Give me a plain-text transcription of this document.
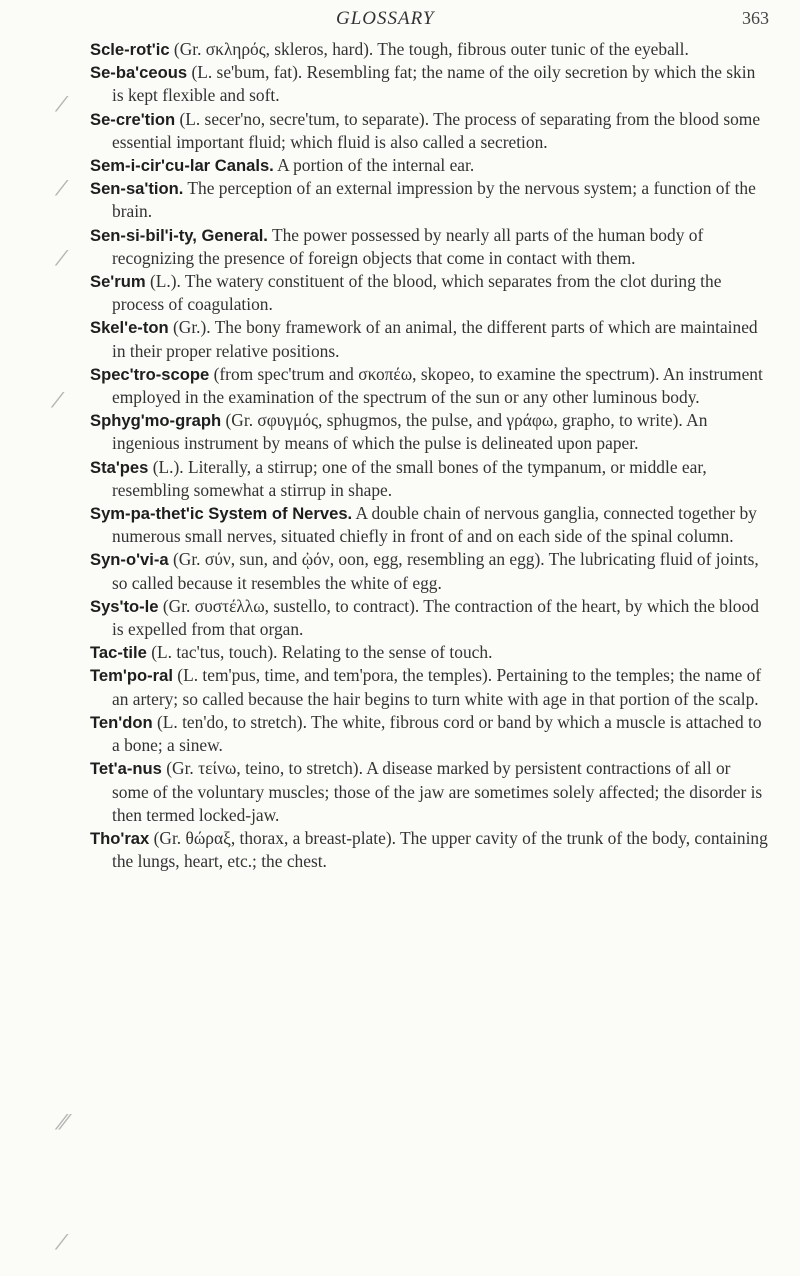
GLOSSARY	363
⁄
⁄
⁄
⁄
⁄⁄
⁄

Scle-rot'ic (Gr. σκληρός, skleros, hard). The tough, fibrous outer tunic of the eyeball.

Se-ba'ceous (L. se'bum, fat). Resembling fat; the name of the oily secretion by which the skin is kept flexible and soft.

Se-cre'tion (L. secer'no, secre'tum, to separate). The process of separating from the blood some essential important fluid; which fluid is also called a secretion.

Sem-i-cir'cu-lar Canals. A portion of the internal ear.

Sen-sa'tion. The perception of an external impression by the nervous system; a function of the brain.

Sen-si-bil'i-ty, General. The power possessed by nearly all parts of the human body of recognizing the presence of foreign objects that come in contact with them.

Se'rum (L.). The watery constituent of the blood, which separates from the clot during the process of coagulation.

Skel'e-ton (Gr.). The bony framework of an animal, the different parts of which are maintained in their proper relative positions.

Spec'tro-scope (from spec'trum and σκοπέω, skopeo, to examine the spectrum). An instrument employed in the examination of the spectrum of the sun or any other luminous body.

Sphyg'mo-graph (Gr. σφυγμός, sphugmos, the pulse, and γράφω, grapho, to write). An ingenious instrument by means of which the pulse is delineated upon paper.

Sta'pes (L.). Literally, a stirrup; one of the small bones of the tympanum, or middle ear, resembling somewhat a stirrup in shape.

Sym-pa-thet'ic System of Nerves. A double chain of nervous ganglia, connected together by numerous small nerves, situated chiefly in front of and on each side of the spinal column.

Syn-o'vi-a (Gr. σύν, sun, and ᾠόν, oon, egg, resembling an egg). The lubricating fluid of joints, so called because it resembles the white of egg.

Sys'to-le (Gr. συστέλλω, sustello, to contract). The contraction of the heart, by which the blood is expelled from that organ.

Tac-tile (L. tac'tus, touch). Relating to the sense of touch.

Tem'po-ral (L. tem'pus, time, and tem'pora, the temples). Pertaining to the temples; the name of an artery; so called because the hair begins to turn white with age in that portion of the scalp.

Ten'don (L. ten'do, to stretch). The white, fibrous cord or band by which a muscle is attached to a bone; a sinew.

Tet'a-nus (Gr. τείνω, teino, to stretch). A disease marked by persistent contractions of all or some of the voluntary muscles; those of the jaw are sometimes solely affected; the disorder is then termed locked-jaw.

Tho'rax (Gr. θώραξ, thorax, a breast-plate). The upper cavity of the trunk of the body, containing the lungs, heart, etc.; the chest.
